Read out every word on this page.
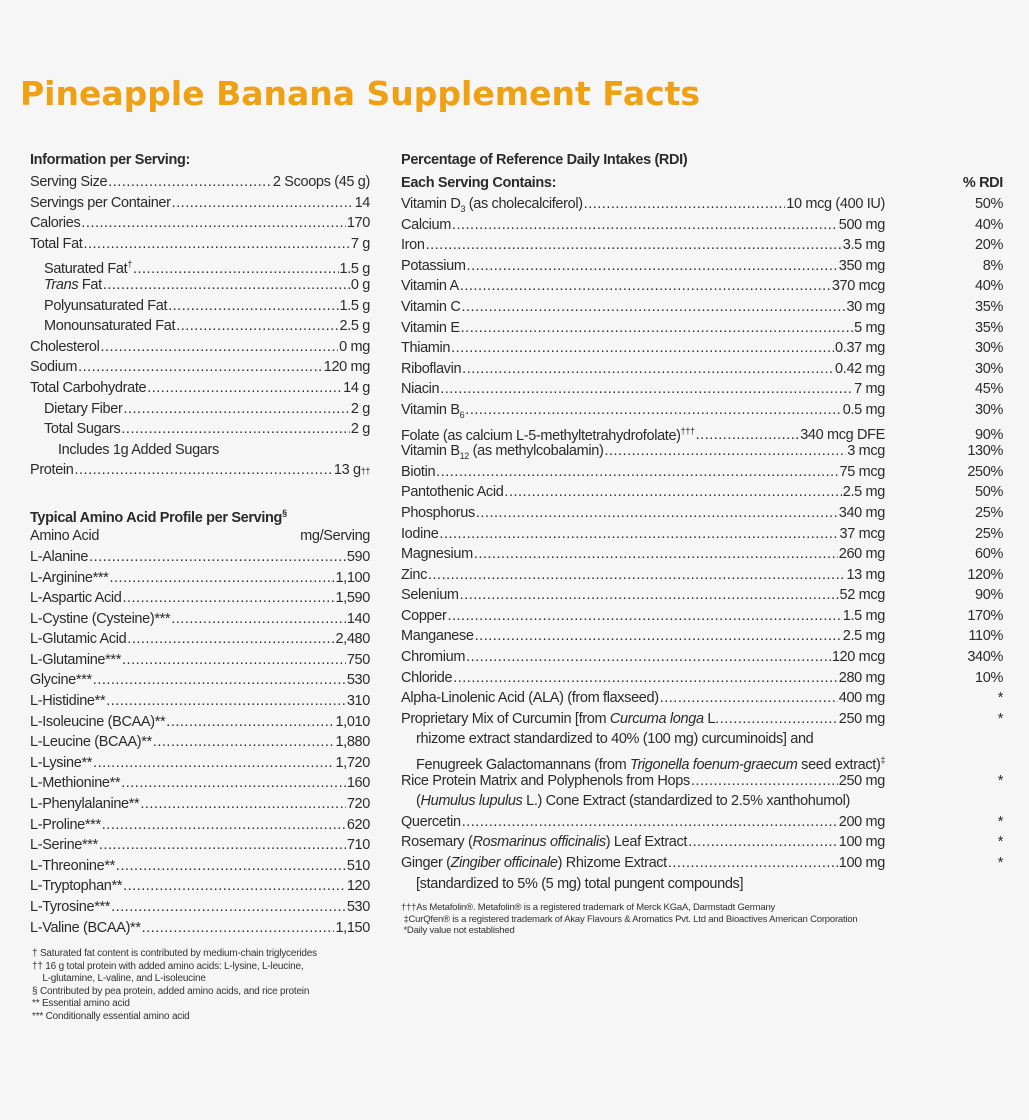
Pineapple Banana Supplement Facts
Information per Serving:
Serving Size .....	2 Scoops (45 g)
Servings per Container .....	14
Calories .....	170
Total Fat .....	7 g
Saturated Fat† .....	1.5 g
Trans Fat .....	0 g
Polyunsaturated Fat .....	1.5 g
Monounsaturated Fat .....	2.5 g
Cholesterol .....	0 mg
Sodium .....	120 mg
Total Carbohydrate .....	14 g
Dietary Fiber .....	2 g
Total Sugars .....	2 g
Includes 1g Added Sugars
Protein .....	13 g ††
Typical Amino Acid Profile per Serving§
Amino Acid	mg/Serving
L-Alanine .....	590
L-Arginine*** .....	1,100
L-Aspartic Acid .....	1,590
L-Cystine (Cysteine)*** .....	140
L-Glutamic Acid .....	2,480
L-Glutamine*** .....	750
Glycine*** .....	530
L-Histidine** .....	310
L-Isoleucine (BCAA)** .....	1,010
L-Leucine (BCAA)** .....	1,880
L-Lysine** .....	1,720
L-Methionine** .....	160
L-Phenylalanine** .....	720
L-Proline*** .....	620
L-Serine*** .....	710
L-Threonine** .....	510
L-Tryptophan** .....	120
L-Tyrosine*** .....	530
L-Valine (BCAA)** .....	1,150
† Saturated fat content is contributed by medium-chain triglycerides
†† 16 g total protein with added amino acids: L-lysine, L-leucine,
L-glutamine, L-valine, and L-isoleucine
§ Contributed by pea protein, added amino acids, and rice protein
** Essential amino acid
*** Conditionally essential amino acid
Percentage of Reference Daily Intakes (RDI)
Each Serving Contains:	% RDI
Vitamin $D_3$ (as cholecalciferol) .....	10 mcg (400 IU)	50%
Calcium .....	500 mg	40%
Iron .....	3.5 mg	20%
Potassium .....	350 mg	8%
Vitamin A .....	370 mcg	40%
Vitamin C .....	30 mg	35%
Vitamin E .....	5 mg	35%
Thiamin .....	0.37 mg	30%
Riboflavin .....	0.42 mg	30%
Niacin .....	7 mg	45%
Vitamin $B_6$ .....	0.5 mg	30%
Folate (as calcium L-5-methyltetrahydrofolate)††† .....	340 mcg DFE	90%
Vitamin $B_{12}$ (as methylcobalamin) .....	3 mcg	130%
Biotin .....	75 mcg	250%
Pantothenic Acid .....	2.5 mg	50%
Phosphorus .....	340 mg	25%
Iodine .....	37 mcg	25%
Magnesium .....	260 mg	60%
Zinc .....	13 mg	120%
Selenium .....	52 mcg	90%
Copper .....	1.5 mg	170%
Manganese .....	2.5 mg	110%
Chromium .....	120 mcg	340%
Chloride .....	280 mg	10%
Alpha-Linolenic Acid (ALA) (from flaxseed) .....	400 mg	*
Proprietary Mix of Curcumin [from Curcuma longa L. .....	250 mg	*
rhizome extract standardized to 40% (100 mg) curcuminoids] and
Fenugreek Galactomannans (from Trigonella foenum-graecum seed extract)‡
Rice Protein Matrix and Polyphenols from Hops .....	250 mg	*
(Humulus lupulus L.) Cone Extract (standardized to 2.5% xanthohumol)
Quercetin .....	200 mg	*
Rosemary (Rosmarinus officinalis) Leaf Extract .....	100 mg	*
Ginger (Zingiber officinale) Rhizome Extract .....	100 mg	*
[standardized to 5% (5 mg) total pungent compounds]
†††As Metafolin®. Metafolin® is a registered trademark of Merck KGaA, Darmstadt Germany
‡CurQfen® is a registered trademark of Akay Flavours & Aromatics Pvt. Ltd and Bioactives American Corporation
*Daily value not established
